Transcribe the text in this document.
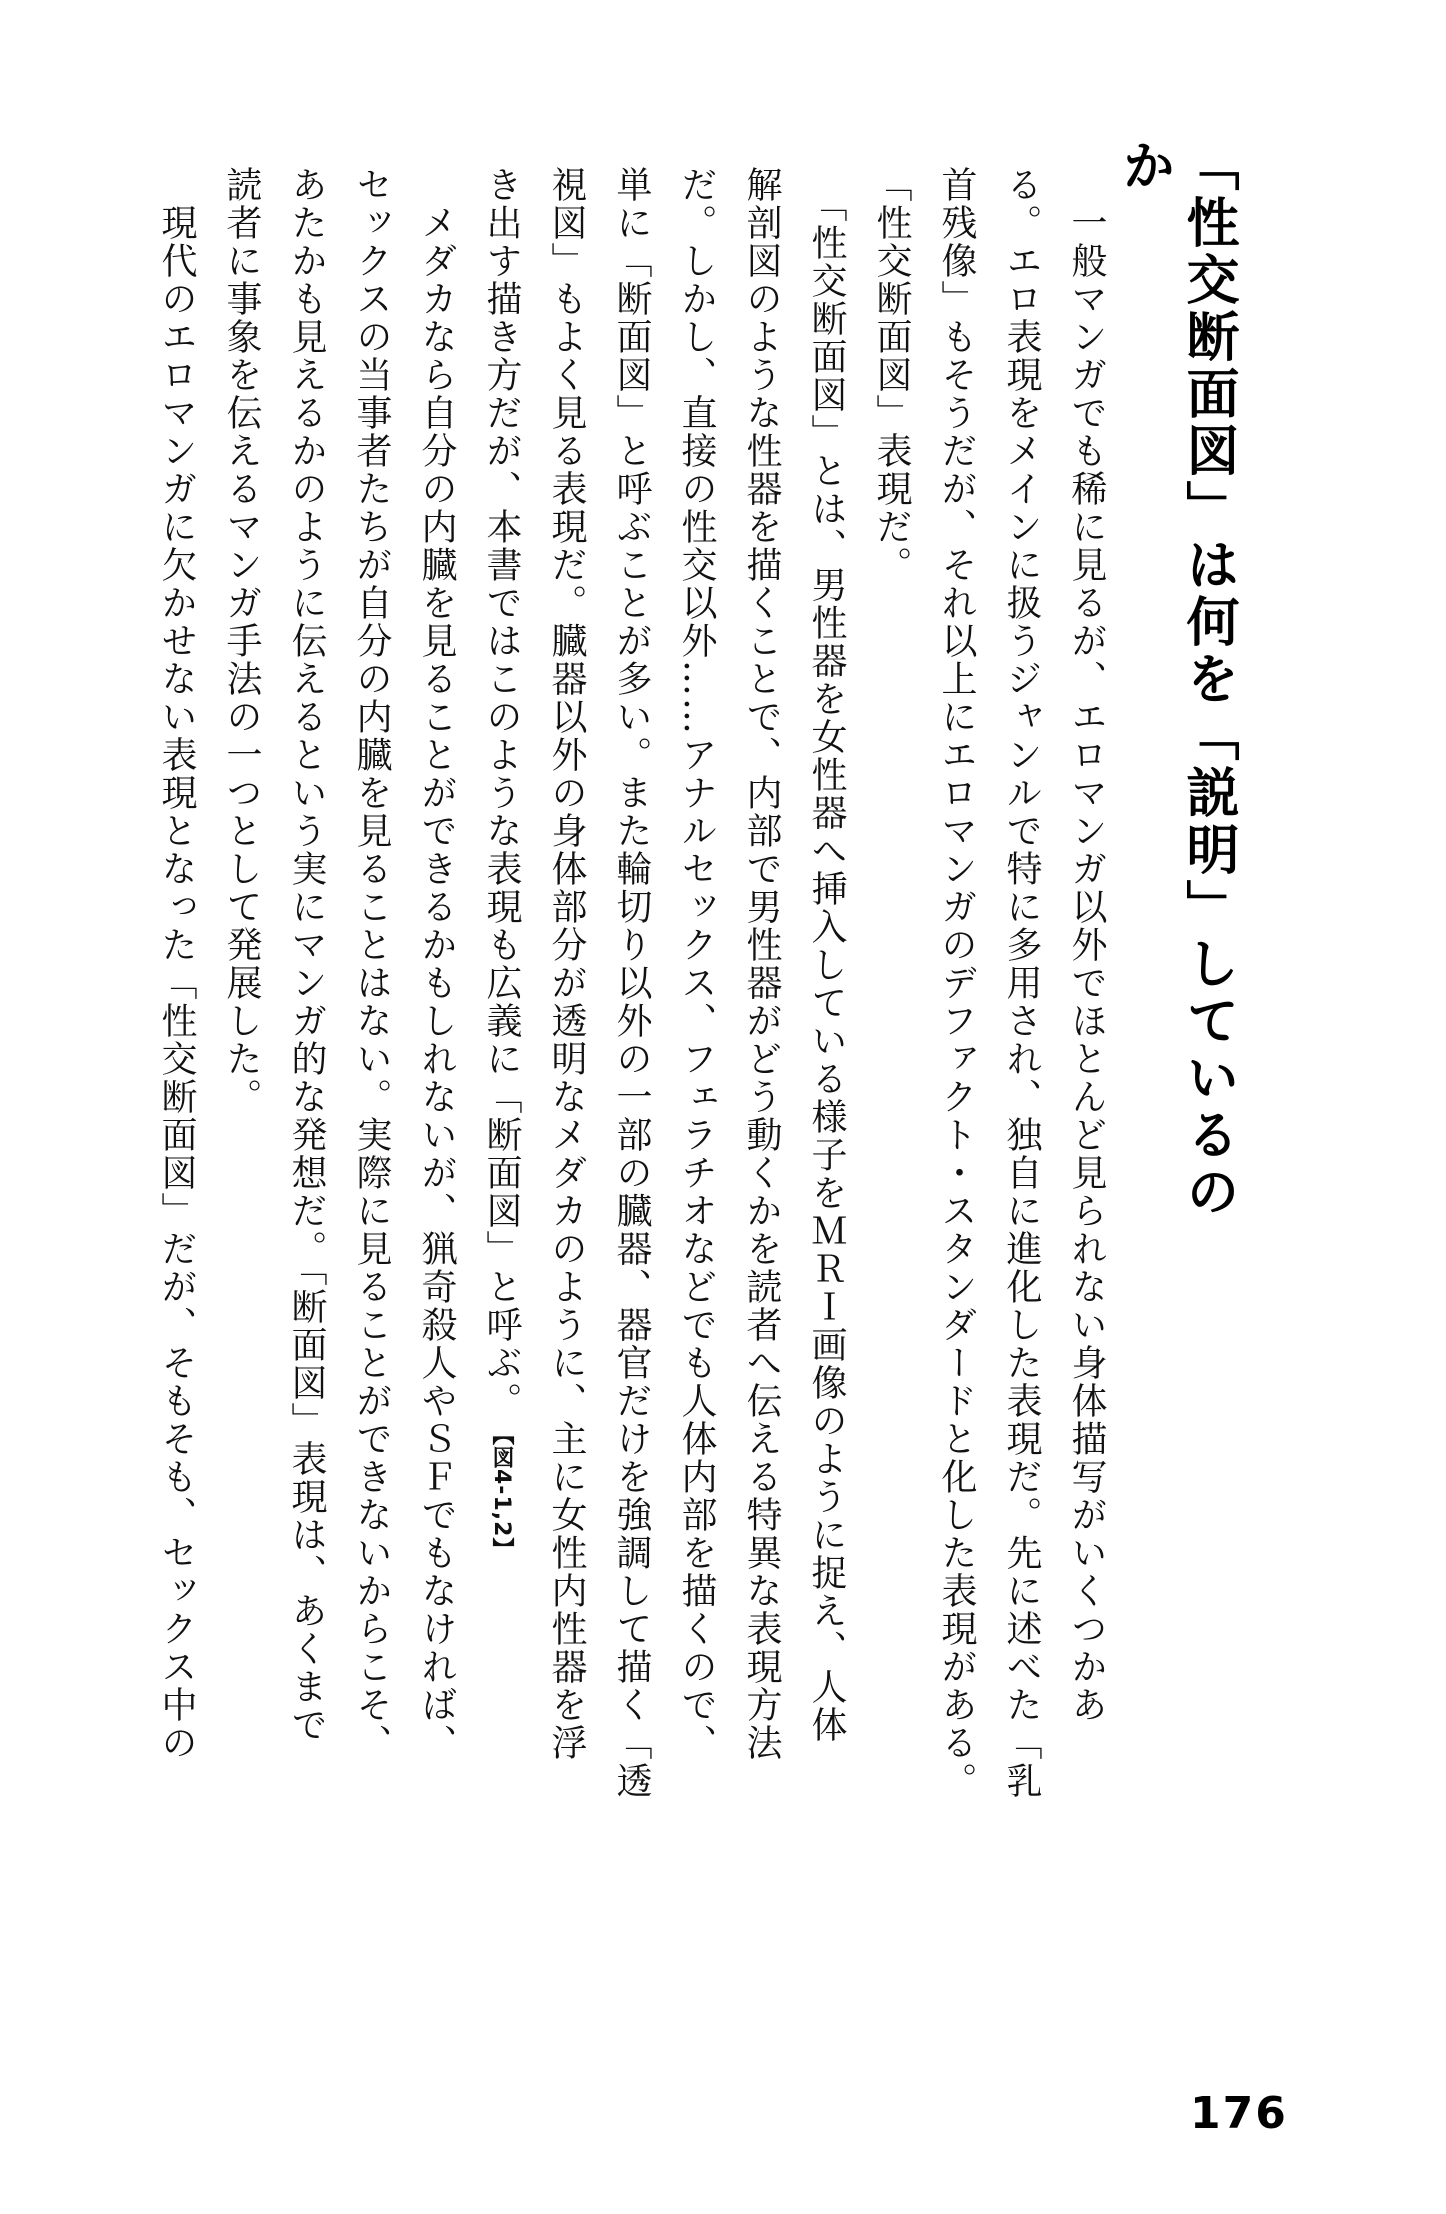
「性交断面図」は何を「説明」しているのか
　一般マンガでも稀に見るが、エロマンガ以外でほとんど見られない身体描写がいくつかあ
る。エロ表現をメインに扱うジャンルで特に多用され、独自に進化した表現だ。先に述べた「乳
首残像」もそうだが、それ以上にエロマンガのデファクト・スタンダードと化した表現がある。
「性交断面図」表現だ。
　「性交断面図」とは、男性器を女性器へ挿入している様子をＭＲＩ画像のように捉え、人体
解剖図のような性器を描くことで、内部で男性器がどう動くかを読者へ伝える特異な表現方法
だ。しかし、直接の性交以外……アナルセックス、フェラチオなどでも人体内部を描くので、
単に「断面図」と呼ぶことが多い。また輪切り以外の一部の臓器、器官だけを強調して描く「透
視図」もよく見る表現だ。臓器以外の身体部分が透明なメダカのように、主に女性内性器を浮
き出す描き方だが、本書ではこのような表現も広義に「断面図」と呼ぶ。【図4-1,2】
　メダカなら自分の内臓を見ることができるかもしれないが、猟奇殺人やＳＦでもなければ、
セックスの当事者たちが自分の内臓を見ることはない。実際に見ることができないからこそ、
あたかも見えるかのように伝えるという実にマンガ的な発想だ。「断面図」表現は、あくまで
読者に事象を伝えるマンガ手法の一つとして発展した。
　現代のエロマンガに欠かせない表現となった「性交断面図」だが、そもそも、セックス中の
176
